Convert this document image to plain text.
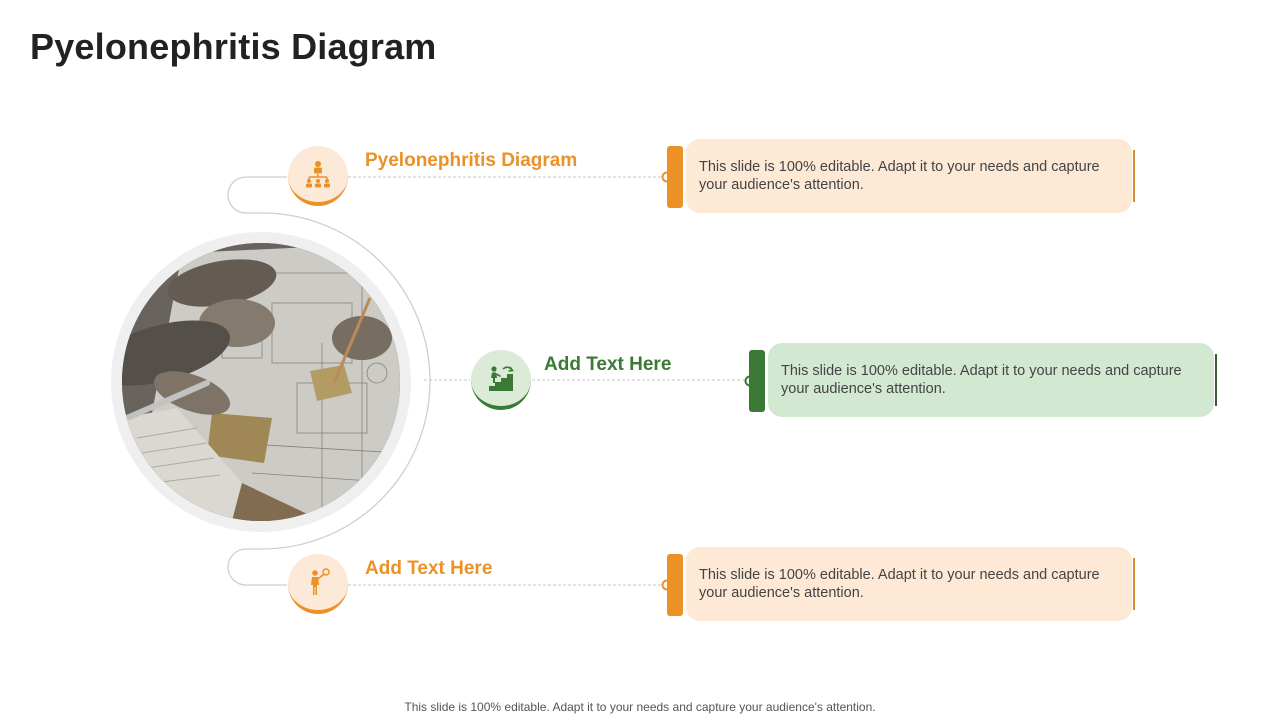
Pyelonephritis Diagram
Pyelonephritis Diagram	This slide is 100% editable. Adapt it to your needs and capture your audience's attention.
Add Text Here	This slide is 100% editable. Adapt it to your needs and capture your audience's attention.
Add Text Here	This slide is 100% editable. Adapt it to your needs and capture your audience's attention.
This slide is 100% editable. Adapt it to your needs and capture your audience's attention.
